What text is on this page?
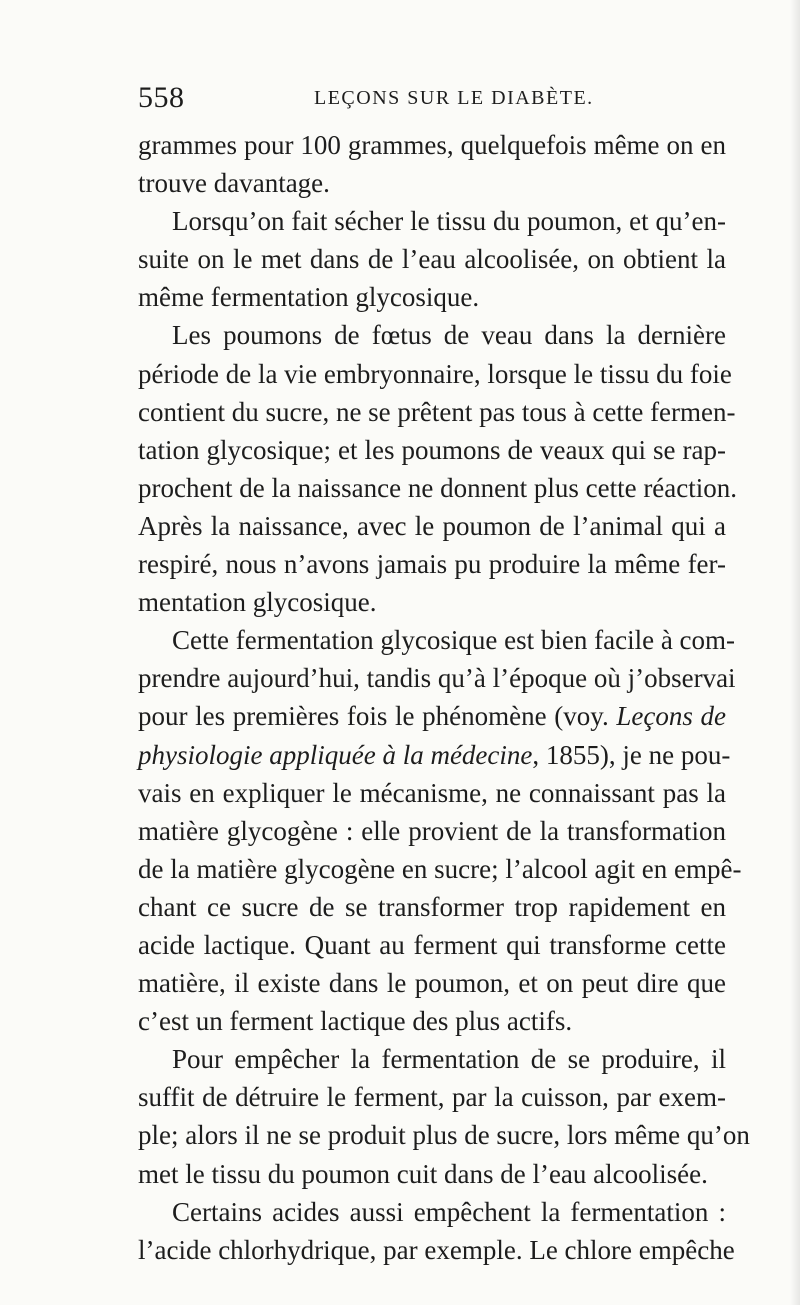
558	LEÇONS SUR LE DIABÈTE.
grammes pour 100 grammes, quelquefois même on en
trouve davantage.
Lorsqu’on fait sécher le tissu du poumon, et qu’en-
suite on le met dans de l’eau alcoolisée, on obtient la
même fermentation glycosique.
Les poumons de fœtus de veau dans la dernière
période de la vie embryonnaire, lorsque le tissu du foie
contient du sucre, ne se prêtent pas tous à cette fermen-
tation glycosique; et les poumons de veaux qui se rap-
prochent de la naissance ne donnent plus cette réaction.
Après la naissance, avec le poumon de l’animal qui a
respiré, nous n’avons jamais pu produire la même fer-
mentation glycosique.
Cette fermentation glycosique est bien facile à com-
prendre aujourd’hui, tandis qu’à l’époque où j’observai
pour les premières fois le phénomène (voy. Leçons de
physiologie appliquée à la médecine, 1855), je ne pou-
vais en expliquer le mécanisme, ne connaissant pas la
matière glycogène : elle provient de la transformation
de la matière glycogène en sucre; l’alcool agit en empê-
chant ce sucre de se transformer trop rapidement en
acide lactique. Quant au ferment qui transforme cette
matière, il existe dans le poumon, et on peut dire que
c’est un ferment lactique des plus actifs.
Pour empêcher la fermentation de se produire, il
suffit de détruire le ferment, par la cuisson, par exem-
ple; alors il ne se produit plus de sucre, lors même qu’on
met le tissu du poumon cuit dans de l’eau alcoolisée.
Certains acides aussi empêchent la fermentation :
l’acide chlorhydrique, par exemple. Le chlore empêche
